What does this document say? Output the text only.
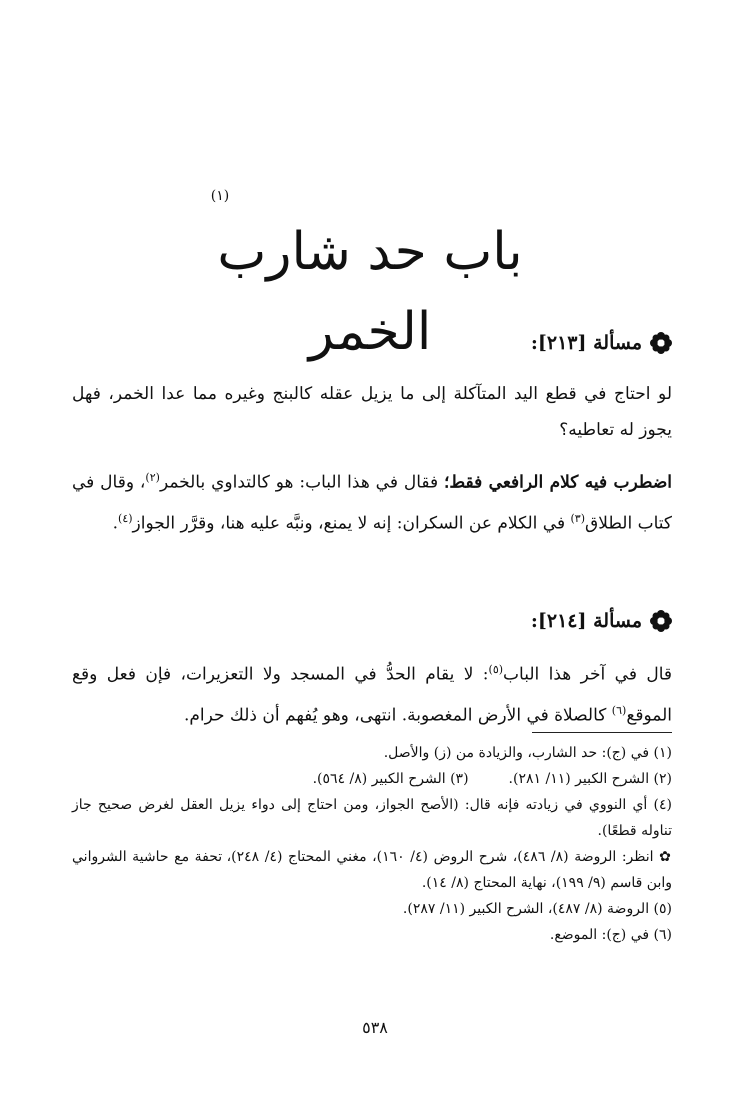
(١)
باب حد شارب الخمر	مسألة [٢١٣]:
لو احتاج في قطع اليد المتآكلة إلى ما يزيل عقله كالبنج وغيره مما عدا الخمر، فهل يجوز له تعاطيه؟
اضطرب فيه كلام الرافعي فقط؛ فقال في هذا الباب: هو كالتداوي بالخمر$^{(٢)}$، وقال في كتاب الطلاق$^{(٣)}$ في الكلام عن السكران: إنه لا يمنع، ونبَّه عليه هنا، وقرَّر الجواز$^{(٤)}$.
مسألة [٢١٤]:
قال في آخر هذا الباب$^{(٥)}$: لا يقام الحدُّ في المسجد ولا التعزيرات، فإن فعل وقع الموقع$^{(٦)}$ كالصلاة في الأرض المغصوبة. انتهى، وهو يُفهم أن ذلك حرام.
(١) في (ج): حد الشارب، والزيادة من (ز) والأصل.
(٢) الشرح الكبير (١١/ ٢٨١).
(٣) الشرح الكبير (٨/ ٥٦٤).
(٤) أي النووي في زيادته فإنه قال: (الأصح الجواز، ومن احتاج إلى دواء يزيل العقل لغرض صحيح جاز تناوله قطعًا).
✿ انظر: الروضة (٨/ ٤٨٦)، شرح الروض (٤/ ١٦٠)، مغني المحتاج (٤/ ٢٤٨)، تحفة مع حاشية الشرواني وابن قاسم (٩/ ١٩٩)، نهاية المحتاج (٨/ ١٤).
(٥) الروضة (٨/ ٤٨٧)، الشرح الكبير (١١/ ٢٨٧).
(٦) في (ج): الموضع.
٥٣٨
